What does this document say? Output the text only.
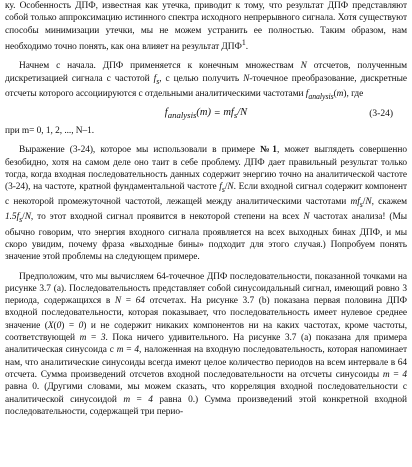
ку. Особенность ДПФ, известная как утечка, приводит к тому, что результат ДПФ представляют собой только аппроксимацию истинного спектра исходного непрерывного сигнала. Хотя существуют способы минимизации утечки, мы не можем устранить ее полностью. Таким образом, нам необходимо точно понять, как она влияет на результат ДПФ$^1$.

Начнем с начала. ДПФ применяется к конечным множествам N отсчетов, полученным дискретизацией сигнала с частотой $f_s$, с целью получить N-точечное преобразование, дискретные отсчеты которого ассоциируются с отдельными аналитическими частотами $f_{analysis}(m)$, где

$f_{analysis}(m) = mf_s/N$	(3-24)

при m= 0, 1, 2, ..., N–1.

Выражение (3-24), которое мы использовали в примере №1, может выглядеть совершенно безобидно, хотя на самом деле оно таит в себе проблему. ДПФ дает правильный результат только тогда, когда входная последовательность данных содержит энергию точно на аналитической частоте (3-24), на частоте, кратной фундаментальной частоте $f_s/N$. Если входной сигнал содержит компонент с некоторой промежуточной частотой, лежащей между аналитическими частотами $mf_s/N$, скажем $1.5f_s/N$, то этот входной сигнал проявится в некоторой степени на всех N частотах анализа! (Мы обычно говорим, что энергия входного сигнала проявляется на всех выходных бинах ДПФ, и мы скоро увидим, почему фраза «выходные бины» подходит для этого случая.) Попробуем понять значение этой проблемы на следующем примере.

Предположим, что мы вычисляем 64-точечное ДПФ последовательности, показанной точками на рисунке 3.7 (a). Последовательность представляет собой синусоидальный сигнал, имеющий ровно 3 периода, содержащихся в N = 64 отсчетах. На рисунке 3.7 (b) показана первая половина ДПФ входной последовательности, которая показывает, что последовательность имеет нулевое среднее значение (X(0) = 0) и не содержит никаких компонентов ни на каких частотах, кроме частоты, соответствующей m = 3. Пока ничего удивительного. На рисунке 3.7 (a) показана для примера аналитическая синусоида с m = 4, наложенная на входную последовательность, которая напоминает нам, что аналитические синусоиды всегда имеют целое количество периодов на всем интервале в 64 отсчета. Сумма произведений отсчетов входной последовательности на отсчеты синусоиды m = 4 равна 0. (Другими словами, мы можем сказать, что корреляция входной последовательности с аналитической синусоидой m = 4 равна 0.) Сумма произведений этой конкретной входной последовательности, содержащей три перио-
